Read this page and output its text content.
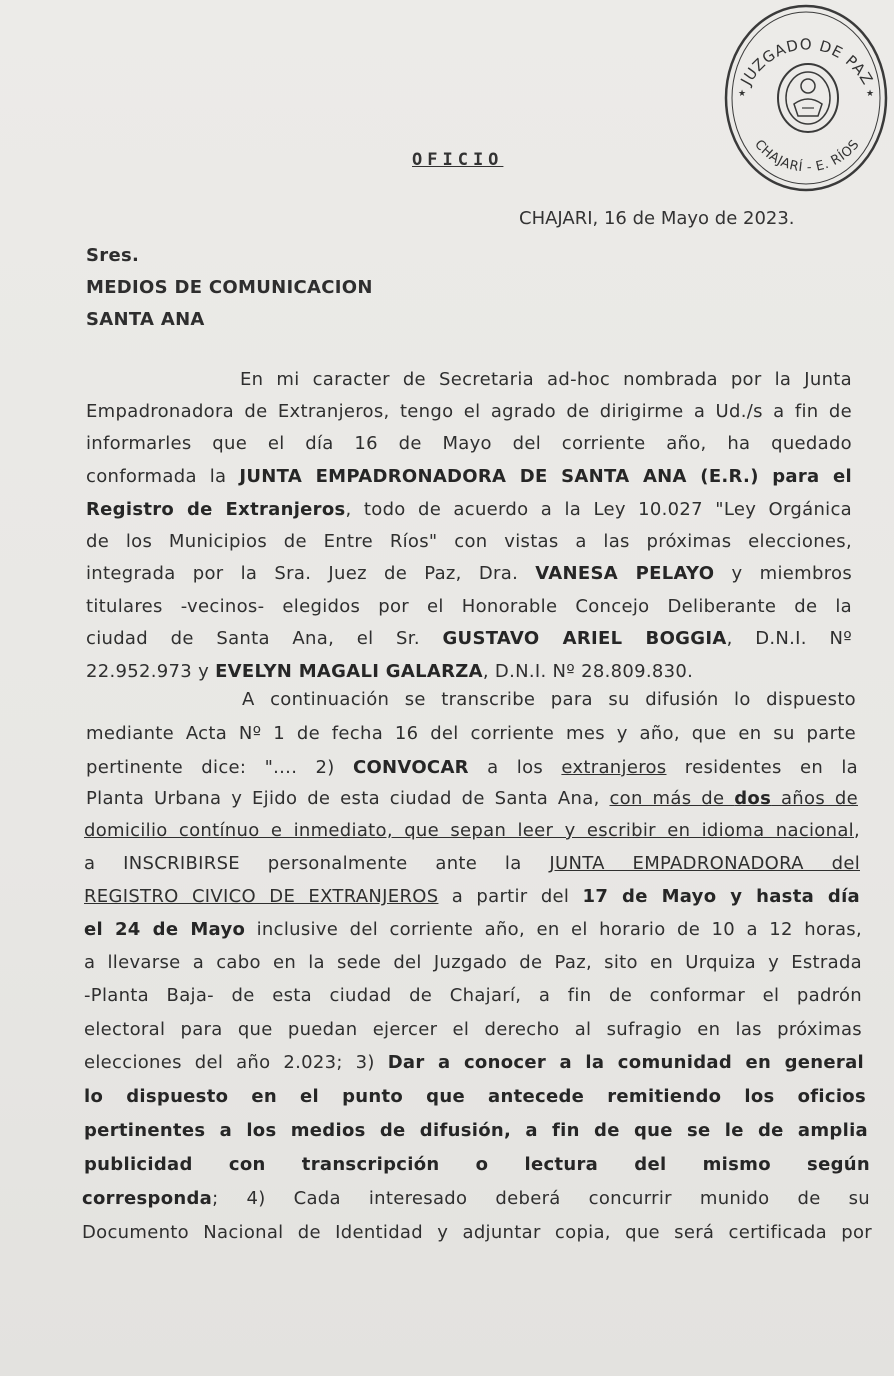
JUZGADO DE PAZ
CHAJARÍ - E. RÍOS
★	★
OFICIO
CHAJARI, 16 de Mayo de 2023.
Sres.
MEDIOS DE COMUNICACION
SANTA ANA
En mi caracter de Secretaria ad-hoc nombrada por la Junta
Empadronadora de Extranjeros, tengo el agrado de dirigirme a Ud./s a fin de
informarles que el día 16 de Mayo del corriente año, ha quedado
conformada la JUNTA EMPADRONADORA DE SANTA ANA (E.R.) para el
Registro de Extranjeros, todo de acuerdo a la Ley 10.027 "Ley Orgánica
de los Municipios de Entre Ríos" con vistas a las próximas elecciones,
integrada por la Sra. Juez de Paz, Dra. VANESA PELAYO y miembros
titulares -vecinos- elegidos por el Honorable Concejo Deliberante de la
ciudad de Santa Ana, el Sr. GUSTAVO ARIEL BOGGIA, D.N.I. Nº
22.952.973 y EVELYN MAGALI GALARZA, D.N.I. Nº 28.809.830.
A continuación se transcribe para su difusión lo dispuesto
mediante Acta Nº 1 de fecha 16 del corriente mes y año, que en su parte
pertinente dice: ".... 2) CONVOCAR a los extranjeros residentes en la
Planta Urbana y Ejido de esta ciudad de Santa Ana, con más de dos años de
domicilio contínuo e inmediato, que sepan leer y escribir en idioma nacional,
a INSCRIBIRSE personalmente ante la JUNTA EMPADRONADORA del
REGISTRO CIVICO DE EXTRANJEROS a partir del 17 de Mayo y hasta día
el 24 de Mayo inclusive del corriente año, en el horario de 10 a 12 horas,
a llevarse a cabo en la sede del Juzgado de Paz, sito en Urquiza y Estrada
-Planta Baja- de esta ciudad de Chajarí, a fin de conformar el padrón
electoral para que puedan ejercer el derecho al sufragio en las próximas
elecciones del año 2.023; 3) Dar a conocer a la comunidad en general
lo dispuesto en el punto que antecede remitiendo los oficios
pertinentes a los medios de difusión, a fin de que se le de amplia
publicidad con transcripción o lectura del mismo según
corresponda; 4) Cada interesado deberá concurrir munido de su
Documento Nacional de Identidad y adjuntar copia, que será certificada por
